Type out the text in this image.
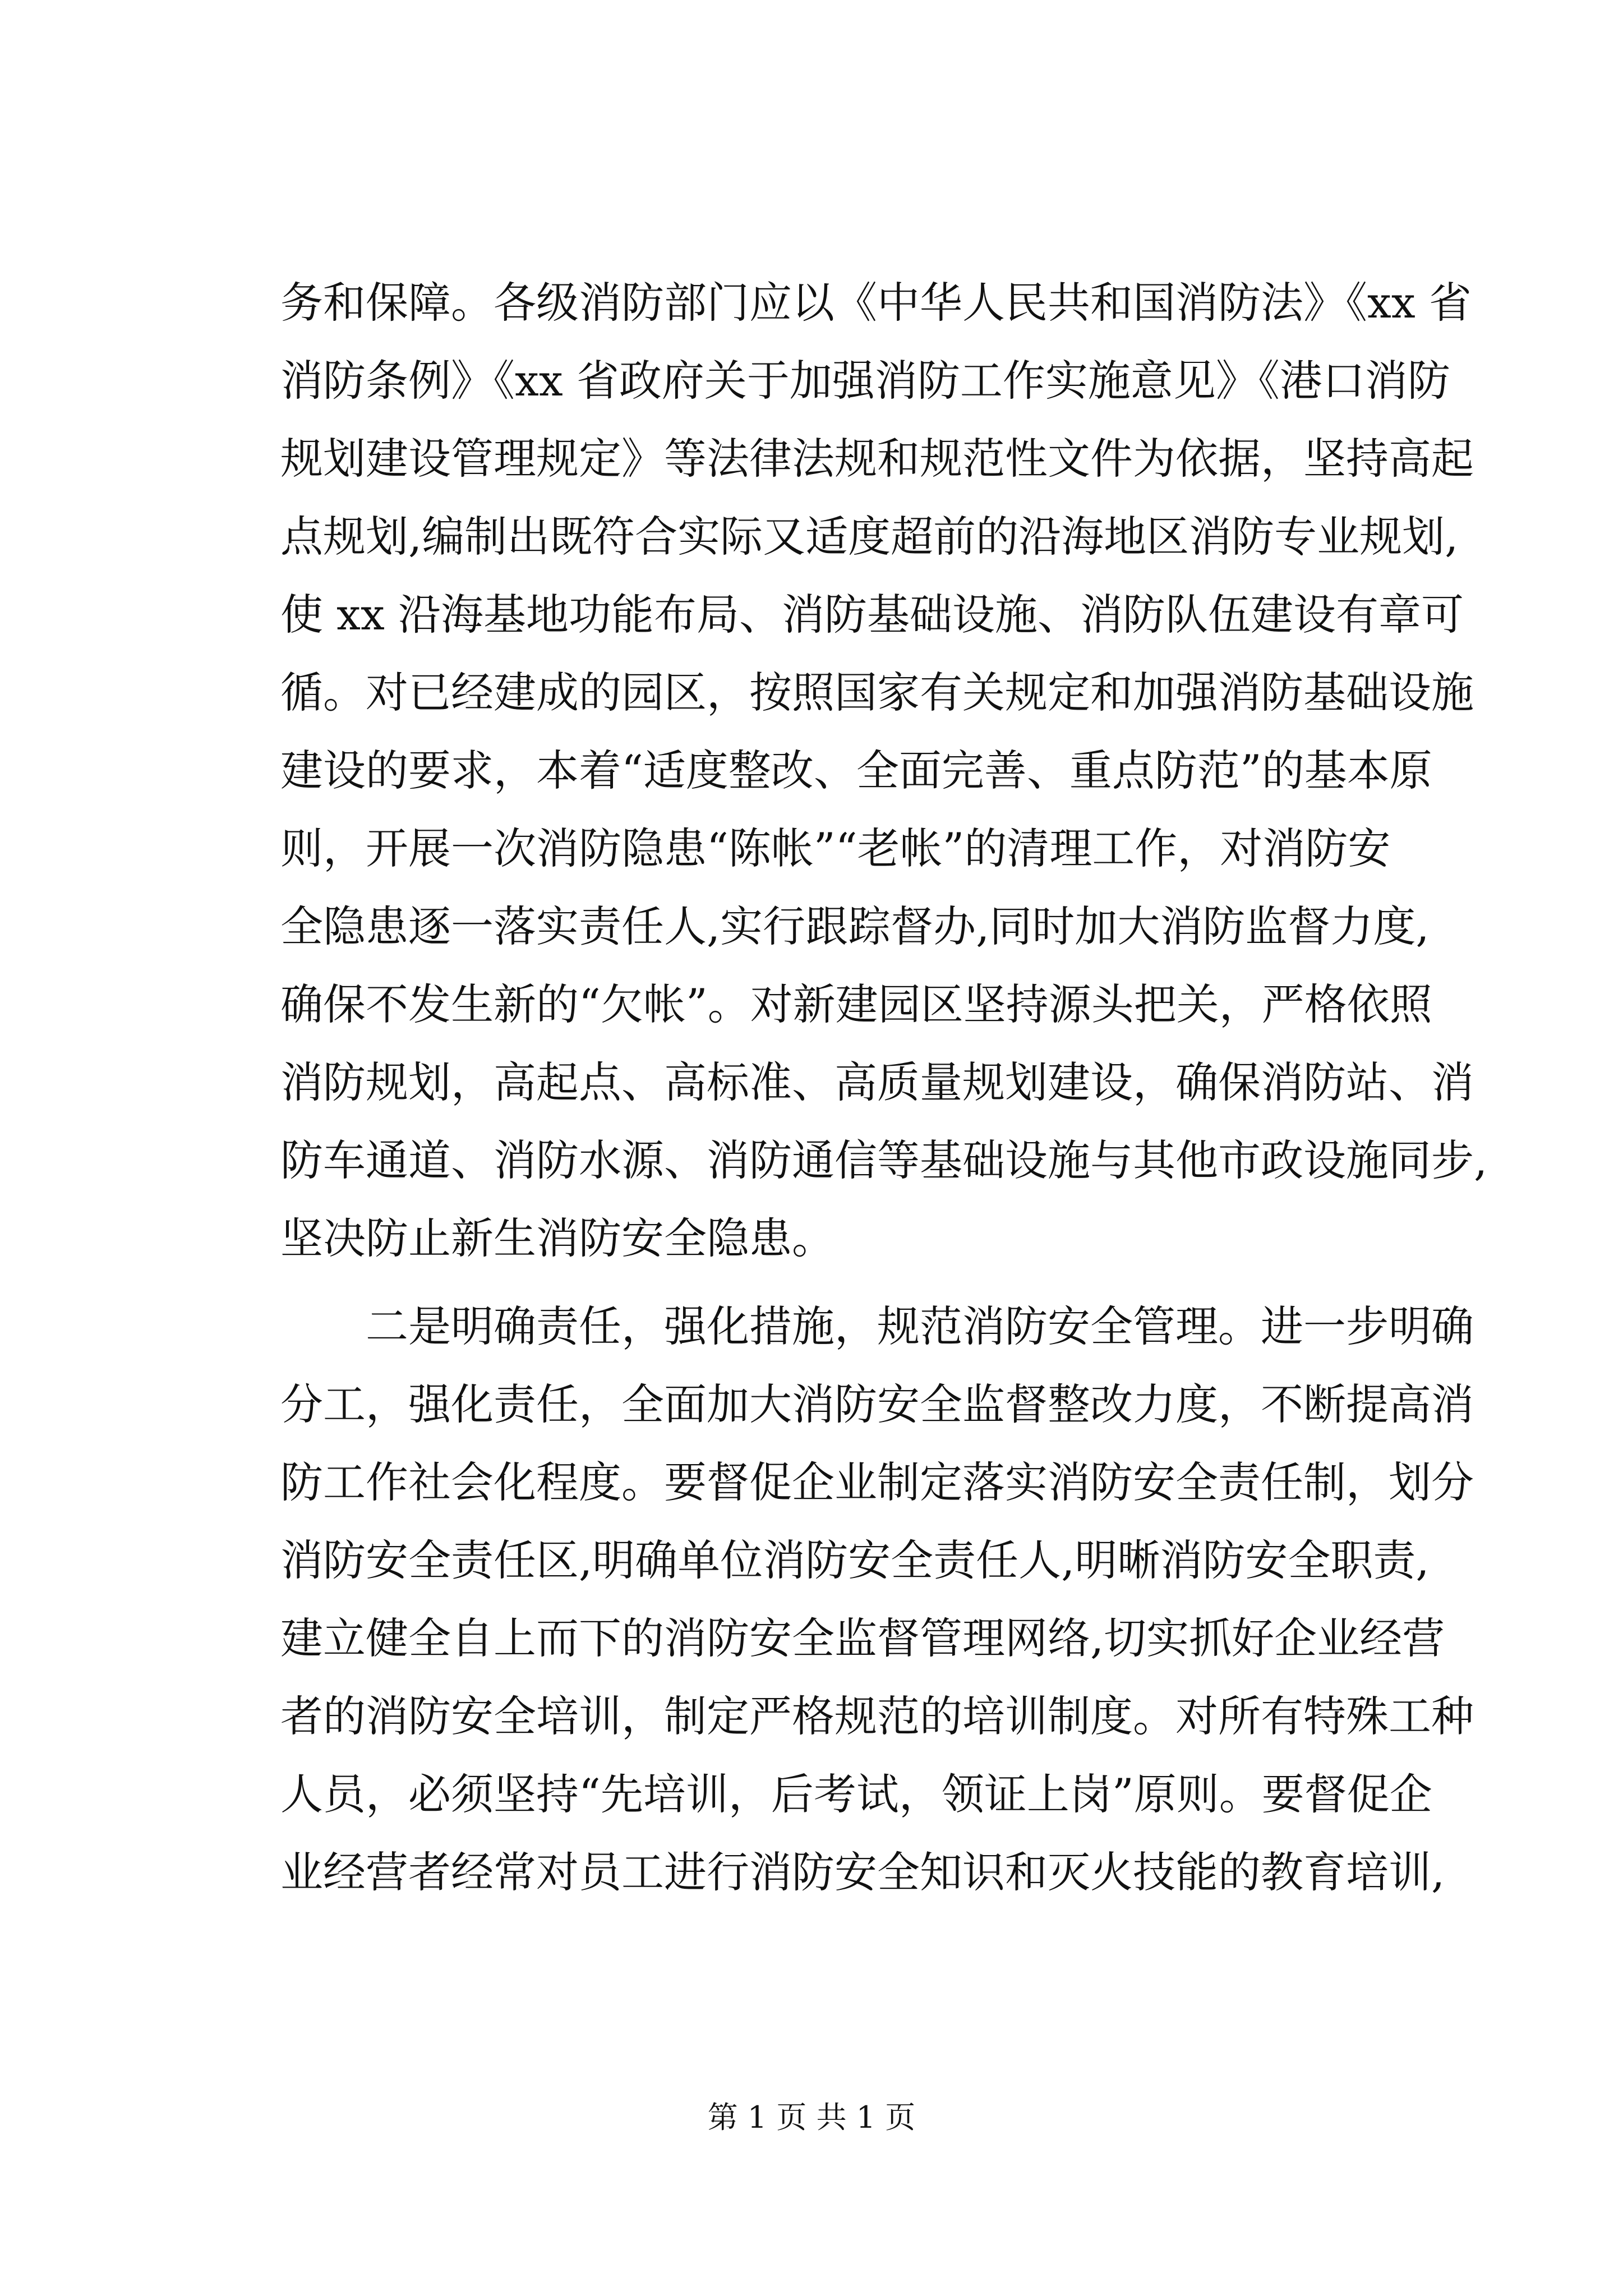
务和保障。各级消防部门应以《中华人民共和国消防法》《xx 省
消防条例》《xx 省政府关于加强消防工作实施意见》《港口消防
规划建设管理规定》等法律法规和规范性文件为依据，坚持高起
点规划,编制出既符合实际又适度超前的沿海地区消防专业规划,
使 xx 沿海基地功能布局、消防基础设施、消防队伍建设有章可
循。对已经建成的园区，按照国家有关规定和加强消防基础设施
建设的要求，本着“适度整改、全面完善、重点防范”的基本原
则，开展一次消防隐患“陈帐”“老帐”的清理工作，对消防安
全隐患逐一落实责任人,实行跟踪督办,同时加大消防监督力度,
确保不发生新的“欠帐”。对新建园区坚持源头把关，严格依照
消防规划，高起点、高标准、高质量规划建设，确保消防站、消
防车通道、消防水源、消防通信等基础设施与其他市政设施同步,
坚决防止新生消防安全隐患。
二是明确责任，强化措施，规范消防安全管理。进一步明确
分工，强化责任，全面加大消防安全监督整改力度，不断提高消
防工作社会化程度。要督促企业制定落实消防安全责任制，划分
消防安全责任区,明确单位消防安全责任人,明晰消防安全职责,
建立健全自上而下的消防安全监督管理网络,切实抓好企业经营
者的消防安全培训，制定严格规范的培训制度。对所有特殊工种
人员，必须坚持“先培训，后考试，领证上岗”原则。要督促企
业经营者经常对员工进行消防安全知识和灭火技能的教育培训,
第 1 页 共 1 页
